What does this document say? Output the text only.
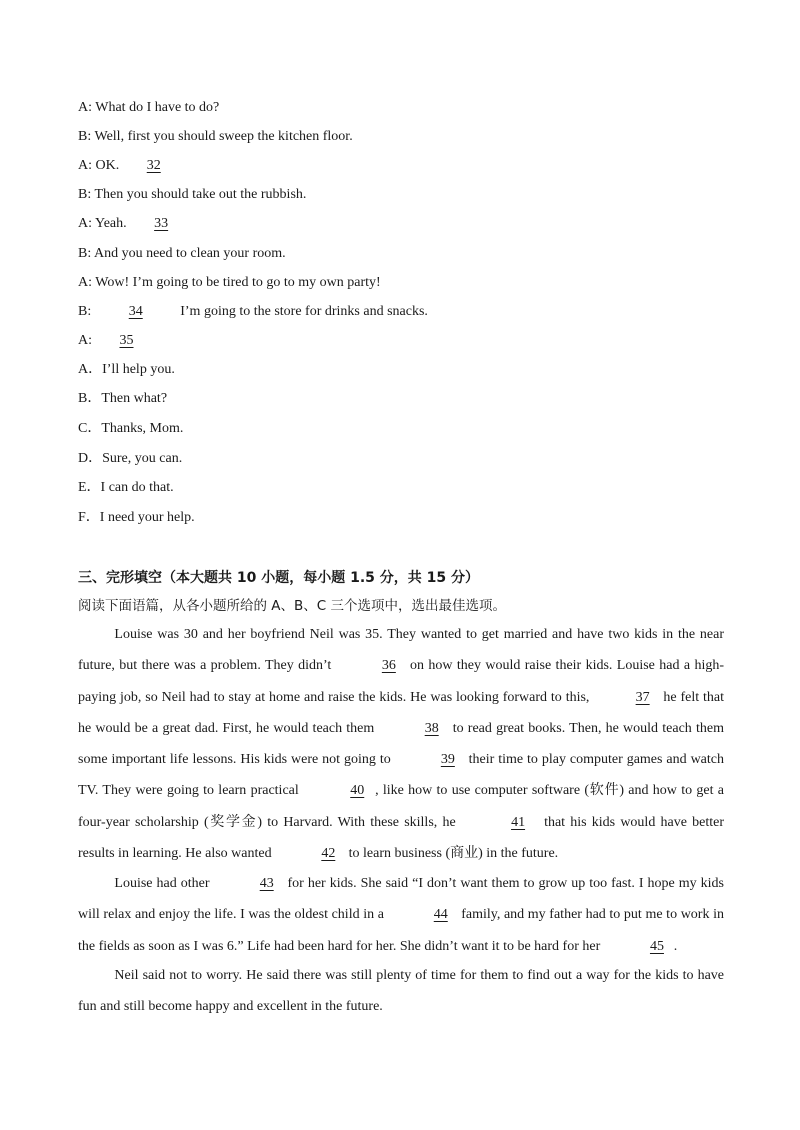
A: What do I have to do?
B: Well, first you should sweep the kitchen floor.
A: OK. 32
B: Then you should take out the rubbish.
A: Yeah. 33
B: And you need to clean your room.
A: Wow! I’m going to be tired to go to my own party!
B:	34	I’m going to the store for drinks and snacks.
A: 35
A．I’ll help you.
B．Then what?
C．Thanks, Mom.
D．Sure, you can.
E．I can do that.
F．I need your help.
三、完形填空（本大题共 10 小题，每小题 1.5 分，共 15 分）
阅读下面语篇，从各小题所给的 A、B、C 三个选项中，选出最佳选项。
Louise was 30 and her boyfriend Neil was 35. They wanted to get married and have two kids in the near future, but there was a problem. They didn’t	36 on how they would raise their kids. Louise had a high-paying job, so Neil had to stay at home and raise the kids. He was looking forward to this,	37 he felt that he would be a great dad. First, he would teach them	38 to read great books. Then, he would teach them some important life lessons. His kids were not going to	39 their time to play computer games and watch TV. They were going to learn practical	40 , like how to use computer software (软件) and how to get a four-year scholarship (奖学金) to Harvard. With these skills, he	41 that his kids would have better results in learning. He also wanted	42 to learn business (商业) in the future.
Louise had other	43 for her kids. She said “I don’t want them to grow up too fast. I hope my kids will relax and enjoy the life. I was the oldest child in a	44 family, and my father had to put me to work in the fields as soon as I was 6.” Life had been hard for her. She didn’t want it to be hard for her	45 .
Neil said not to worry. He said there was still plenty of time for them to find out a way for the kids to have fun and still become happy and excellent in the future.
